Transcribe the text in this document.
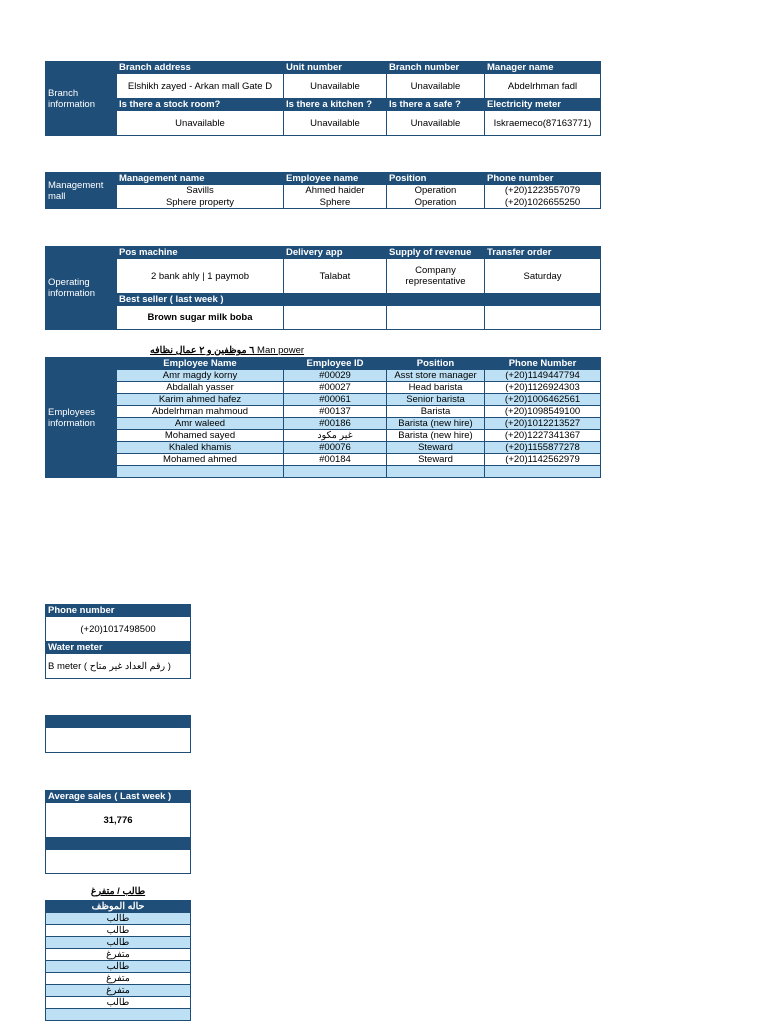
Branch information	Branch address	Unit number	Branch number	Manager name
	Elshikh zayed - Arkan mall Gate D	Unavailable	Unavailable	Abdelrhman fadl
	Is there a stock room?	Is there a kitchen ?	Is there a safe ?	Electricity meter
	Unavailable	Unavailable	Unavailable	Iskraemeco(87163771)
Management mall	Management name	Employee name	Position	Phone number
	Savills	Ahmed haider	Operation	(+20)1223557079
	Sphere property	Sphere	Operation	(+20)1026655250
Operating information	Pos machine	Delivery app	Supply of revenue	Transfer order
	2 bank ahly | 1 paymob	Talabat	Company representative	Saturday
	Best seller ( last week )			
	Brown sugar milk boba			
٦ موظفين و ٢ عمال نظافه Man power
Employees information	Employee Name	Employee ID	Position	Phone Number
	Amr magdy korny	#00029	Asst store manager	(+20)1149447794
	Abdallah yasser	#00027	Head barista	(+20)1126924303
	Karim ahmed hafez	#00061	Senior barista	(+20)1006462561
	Abdelrhman mahmoud	#00137	Barista	(+20)1098549100
	Amr waleed	#00186	Barista (new hire)	(+20)1012213527
	Mohamed sayed	غير مكود	Barista (new hire)	(+20)1227341367
	Khaled khamis	#00076	Steward	(+20)1155877278
	Mohamed ahmed	#00184	Steward	(+20)1142562979

Phone number
(+20)1017498500
Water meter
B meter ( رقم العداد غير متاح )

Average sales ( Last week )
31,776

طالب / متفرغ
حاله الموظف
طالب
طالب
طالب
متفرغ
طالب
متفرغ
متفرغ
طالب
